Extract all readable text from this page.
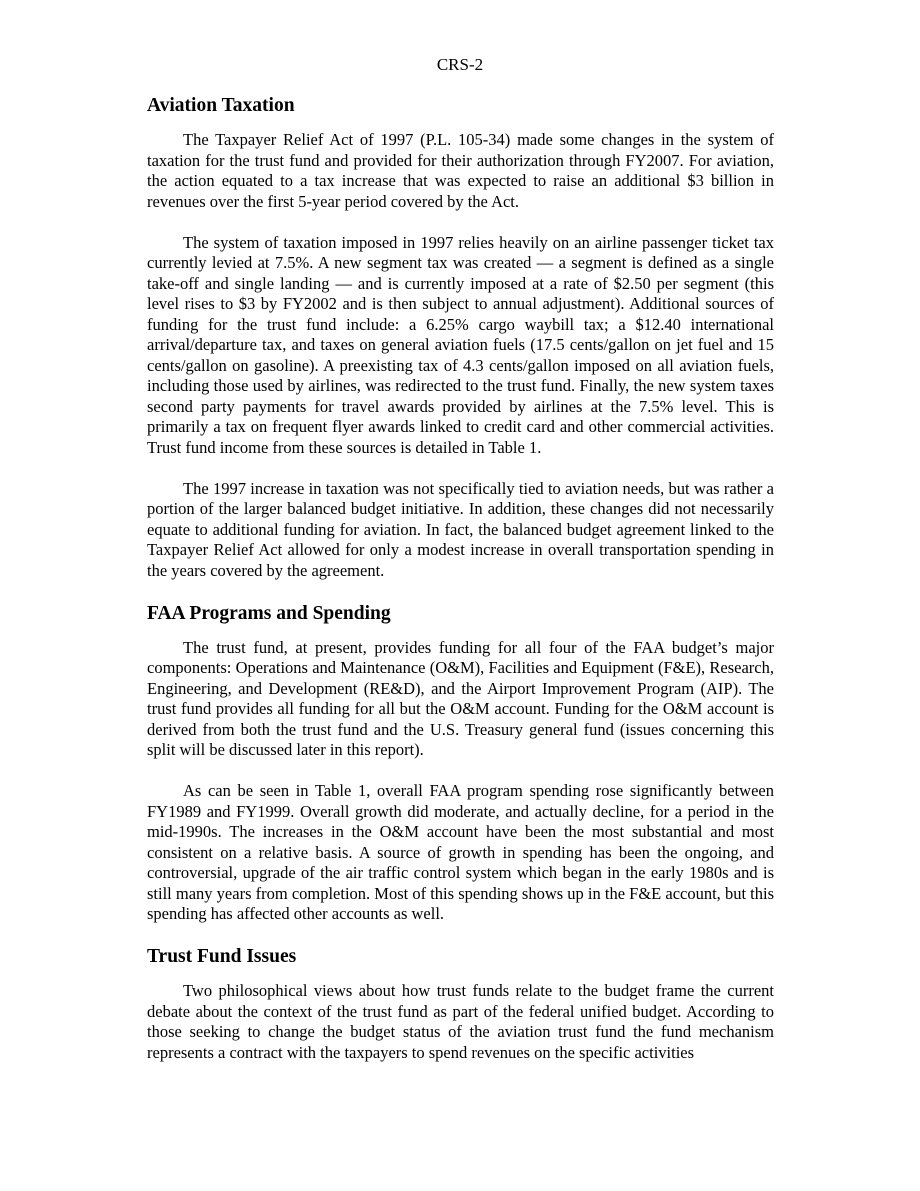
CRS-2
Aviation Taxation

The Taxpayer Relief Act of 1997 (P.L. 105-34) made some changes in the system of taxation for the trust fund and provided for their authorization through FY2007. For aviation, the action equated to a tax increase that was expected to raise an additional $3 billion in revenues over the first 5-year period covered by the Act.

The system of taxation imposed in 1997 relies heavily on an airline passenger ticket tax currently levied at 7.5%. A new segment tax was created — a segment is defined as a single take-off and single landing — and is currently imposed at a rate of $2.50 per segment (this level rises to $3 by FY2002 and is then subject to annual adjustment). Additional sources of funding for the trust fund include: a 6.25% cargo waybill tax; a $12.40 international arrival/departure tax, and taxes on general aviation fuels (17.5 cents/gallon on jet fuel and 15 cents/gallon on gasoline). A preexisting tax of 4.3 cents/gallon imposed on all aviation fuels, including those used by airlines, was redirected to the trust fund. Finally, the new system taxes second party payments for travel awards provided by airlines at the 7.5% level. This is primarily a tax on frequent flyer awards linked to credit card and other commercial activities. Trust fund income from these sources is detailed in Table 1.

The 1997 increase in taxation was not specifically tied to aviation needs, but was rather a portion of the larger balanced budget initiative. In addition, these changes did not necessarily equate to additional funding for aviation. In fact, the balanced budget agreement linked to the Taxpayer Relief Act allowed for only a modest increase in overall transportation spending in the years covered by the agreement.

FAA Programs and Spending

The trust fund, at present, provides funding for all four of the FAA budget’s major components: Operations and Maintenance (O&M), Facilities and Equipment (F&E), Research, Engineering, and Development (RE&D), and the Airport Improvement Program (AIP). The trust fund provides all funding for all but the O&M account. Funding for the O&M account is derived from both the trust fund and the U.S. Treasury general fund (issues concerning this split will be discussed later in this report).

As can be seen in Table 1, overall FAA program spending rose significantly between FY1989 and FY1999. Overall growth did moderate, and actually decline, for a period in the mid-1990s. The increases in the O&M account have been the most substantial and most consistent on a relative basis. A source of growth in spending has been the ongoing, and controversial, upgrade of the air traffic control system which began in the early 1980s and is still many years from completion. Most of this spending shows up in the F&E account, but this spending has affected other accounts as well.

Trust Fund Issues

Two philosophical views about how trust funds relate to the budget frame the current debate about the context of the trust fund as part of the federal unified budget. According to those seeking to change the budget status of the aviation trust fund the fund mechanism represents a contract with the taxpayers to spend revenues on the specific activities
